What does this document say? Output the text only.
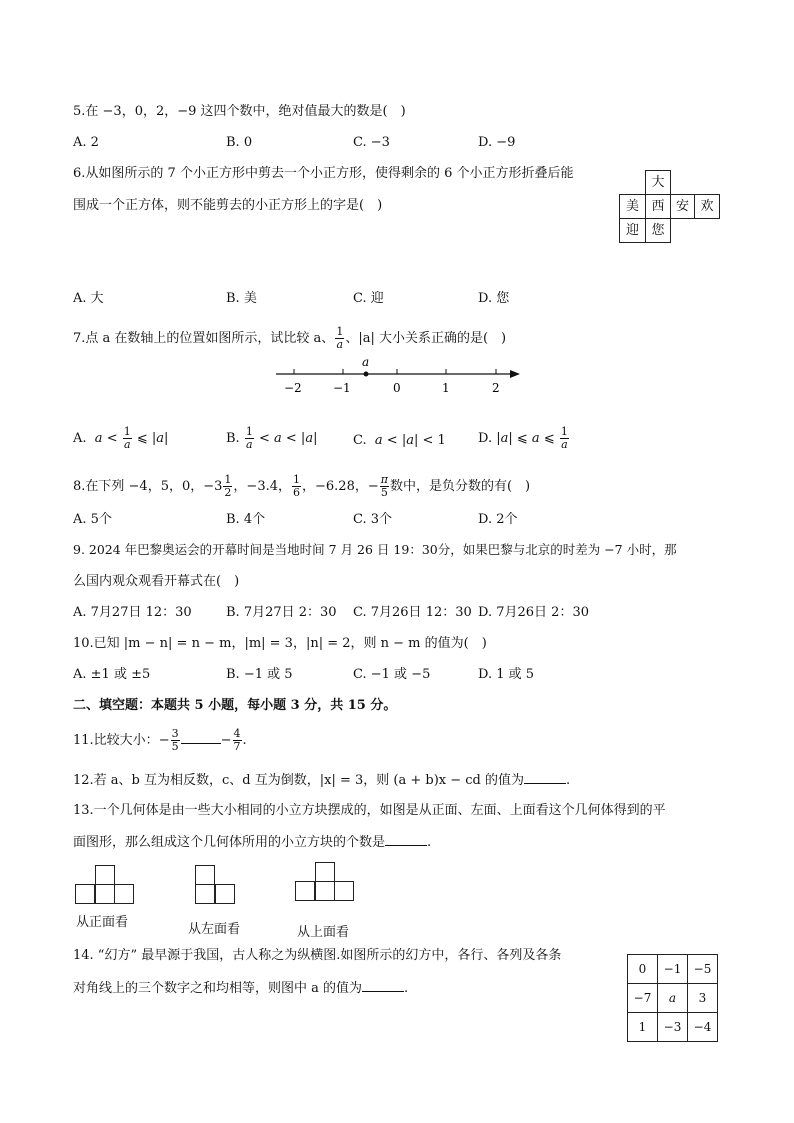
5.在 −3，0，2，−9 这四个数中，绝对值最大的数是(　)
A. 2	B. 0	C. −3	D. −9
6.从如图所示的 7 个小正方形中剪去一个小正方形，使得剩余的 6 个小正方形折叠后能
围成一个正方体，则不能剪去的小正方形上的字是(　)
大
美 西 安 欢
迎 您
A. 大	B. 美	C. 迎	D. 您
7.点 a 在数轴上的位置如图所示，试比较 a、 $\frac{1}{a}$ 、|a| 大小关系正确的是(　)
a
−2	−1	0	1	2
A. $a < \frac{1}{a}$ ⩽ |a|	B. $\frac{1}{a} < a < |a|$	C. a < |a| < 1 D. |a| ⩽ a ⩽ $\frac{1}{a}$
8.在下列 −4，5，0，$-3 \frac{1}{2}$ ，−3.4， $\frac{1}{6}$ ，−6.28，− $\frac{\pi}{5}$ 数中，是负分数的有(　)
A. 5个	B. 4个	C. 3个	D. 2个
9. 2024 年巴黎奥运会的开幕时间是当地时间 7 月 26 日 19：30分，如果巴黎与北京的时差为 −7 小时，那
么国内观众观看开幕式在(　)
A. 7月27日 12：30	B. 7月27日 2：30 C. 7月26日 12：30 D. 7月26日 2：30
10.已知 |m − n| = n − m，|m| = 3，|n| = 2，则 n − m 的值为(　)
A. ±1 或 ±5	B. −1 或 5	C. −1 或 −5	D. 1 或 5
二、填空题：本题共 5 小题，每小题 3 分，共 15 分。
11.比较大小：− $\frac{3}{5}$	− $\frac{4}{7}$ .
12.若 a、b 互为相反数，c、d 互为倒数，|x| = 3，则 (a + b)x − cd 的值为	.
13.一个几何体是由一些大小相同的小立方块摆成的，如图是从正面、左面、上面看这个几何体得到的平
面图形，那么组成这个几何体所用的小立方块的个数是	.
从正面看	从左面看	从上面看
14. “幻方” 最早源于我国，古人称之为纵横图.如图所示的幻方中，各行、各列及各条
对角线上的三个数字之和均相等，则图中 a 的值为	.
0	−1	−5
−7	a	3
1	−3	−4
